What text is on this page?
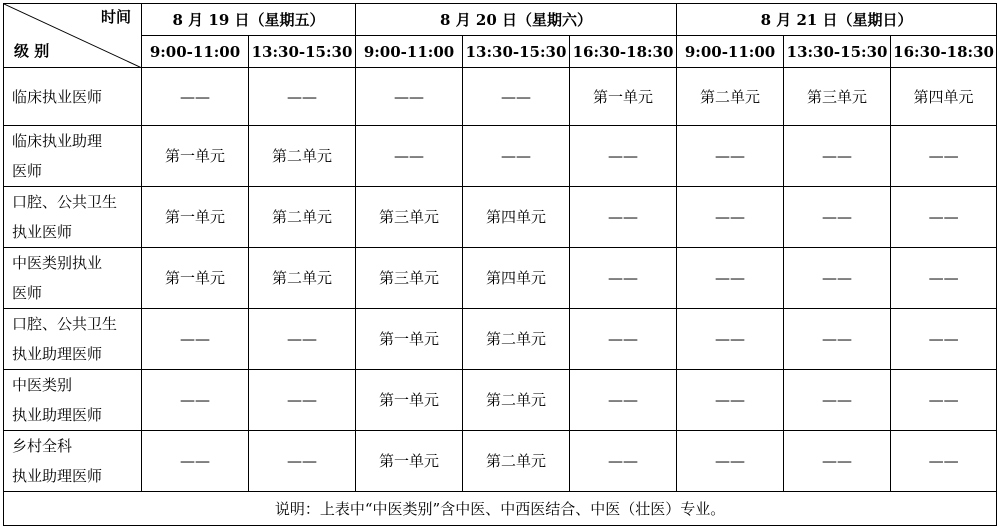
时间
级 别	8 月 19 日（星期五）		8 月 20 日（星期六）			8 月 21 日（星期日）		
	9:00-11:00	13:30-15:30	9:00-11:00	13:30-15:30	16:30-18:30	9:00-11:00	13:30-15:30	16:30-18:30

临床执业医师	——	——	——	——	第一单元	第二单元	第三单元	第四单元

临床执业助理
医师	第一单元	第二单元	——	——	——	——	——	——

口腔、公共卫生
执业医师	第一单元	第二单元	第三单元	第四单元	——	——	——	——

中医类别执业
医师	第一单元	第二单元	第三单元	第四单元	——	——	——	——

口腔、公共卫生
执业助理医师	——	——	第一单元	第二单元	——	——	——	——

中医类别
执业助理医师	——	——	第一单元	第二单元	——	——	——	——

乡村全科
执业助理医师	——	——	第一单元	第二单元	——	——	——	——
说明：上表中“中医类别”含中医、中西医结合、中医（壮医）专业。								
